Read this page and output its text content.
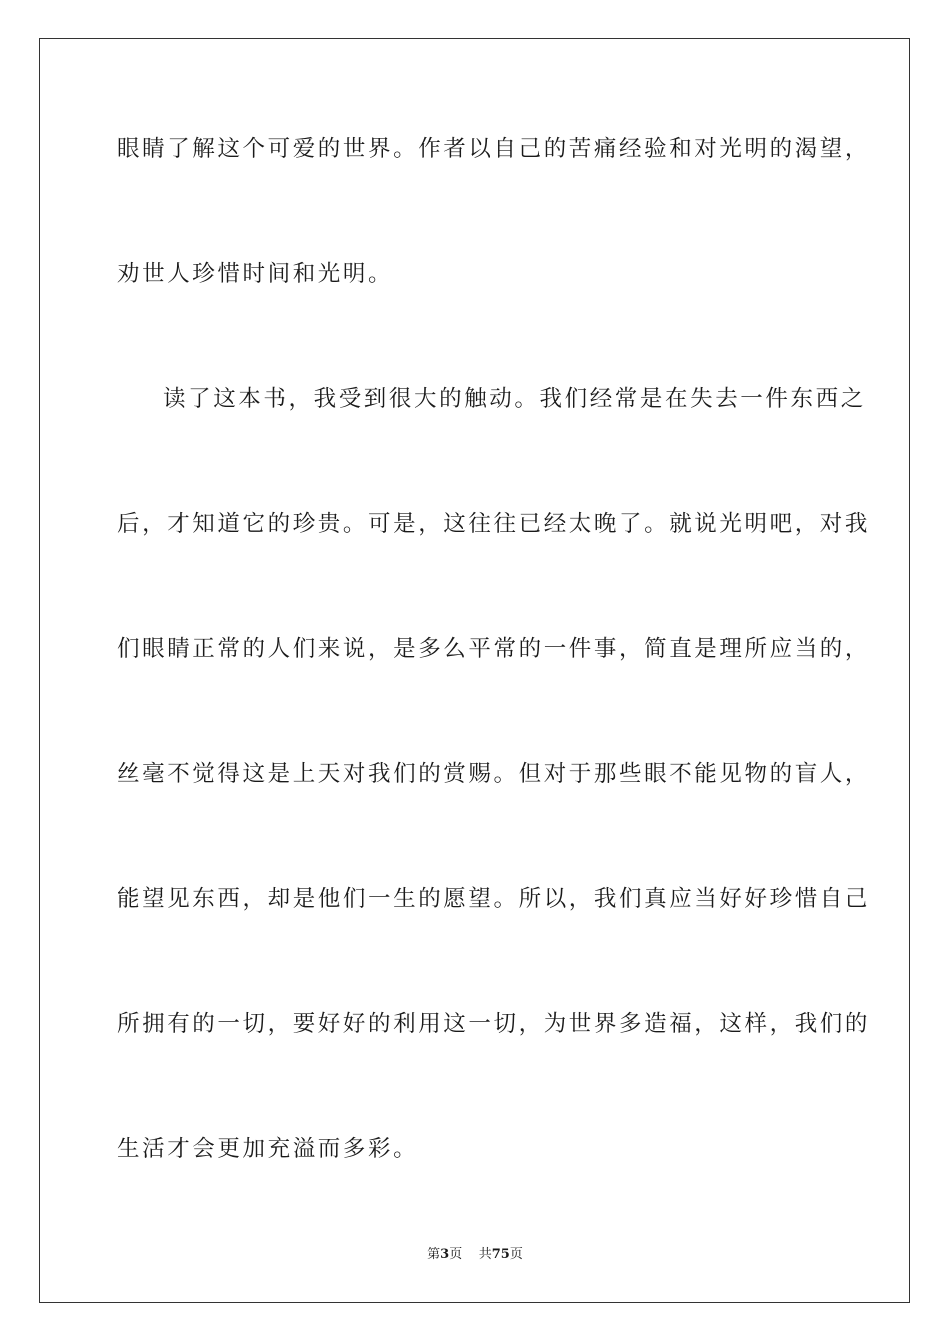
眼睛了解这个可爱的世界。作者以自己的苦痛经验和对光明的渴望，
劝世人珍惜时间和光明。
读了这本书，我受到很大的触动。我们经常是在失去一件东西之
后，才知道它的珍贵。可是，这往往已经太晚了。就说光明吧，对我
们眼睛正常的人们来说，是多么平常的一件事，简直是理所应当的，
丝毫不觉得这是上天对我们的赏赐。但对于那些眼不能见物的盲人，
能望见东西，却是他们一生的愿望。所以，我们真应当好好珍惜自己
所拥有的一切，要好好的利用这一切，为世界多造福，这样，我们的
生活才会更加充溢而多彩。
第3页 共75页
